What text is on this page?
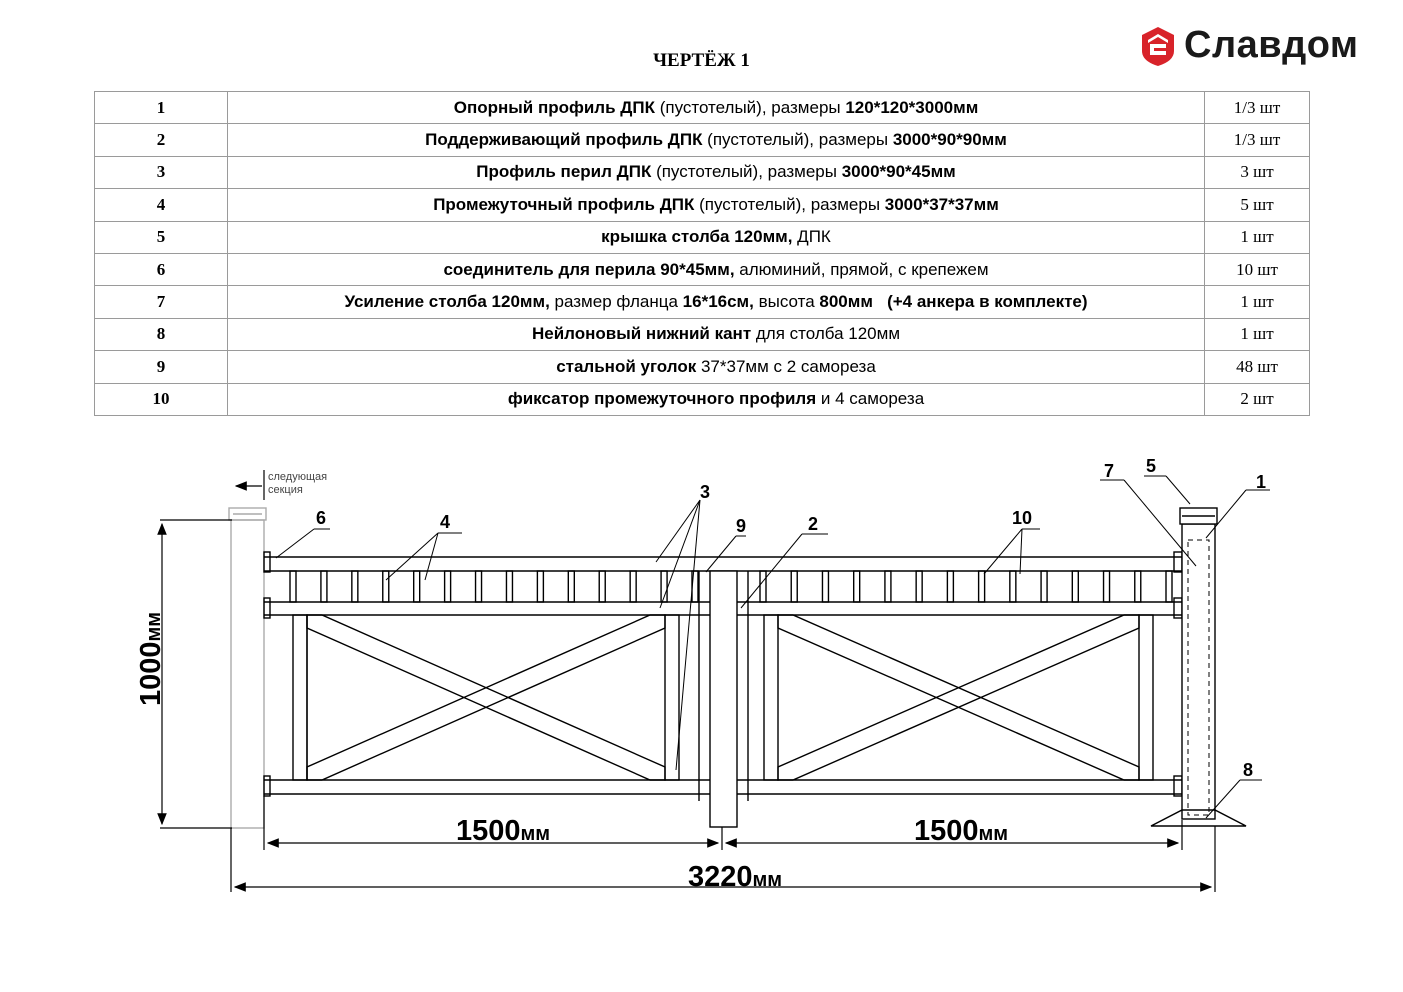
ЧЕРТЁЖ 1	Славдом
1	Опорный профиль ДПК (пустотелый), размеры 120*120*3000мм	1/3 шт
2	Поддерживающий профиль ДПК (пустотелый), размеры 3000*90*90мм	1/3 шт
3	Профиль перил ДПК (пустотелый), размеры 3000*90*45мм	3 шт
4	Промежуточный профиль ДПК (пустотелый), размеры 3000*37*37мм	5 шт
5	крышка столба 120мм, ДПК	1 шт
6	соединитель для перила 90*45мм, алюминий, прямой, с крепежем	10 шт
7	Усиление столба 120мм, размер фланца 16*16см, высота 800мм   (+4 анкера в комплекте)	1 шт
8	Нейлоновый нижний кант для столба 120мм	1 шт
9	стальной уголок 37*37мм с 2 самореза	48 шт
10	фиксатор промежуточного профиля и 4 самореза	2 шт
следующая
секция
1000мм
1500мм	1500мм
3220мм
1
2
3
4
5
6
7
8
9	10
